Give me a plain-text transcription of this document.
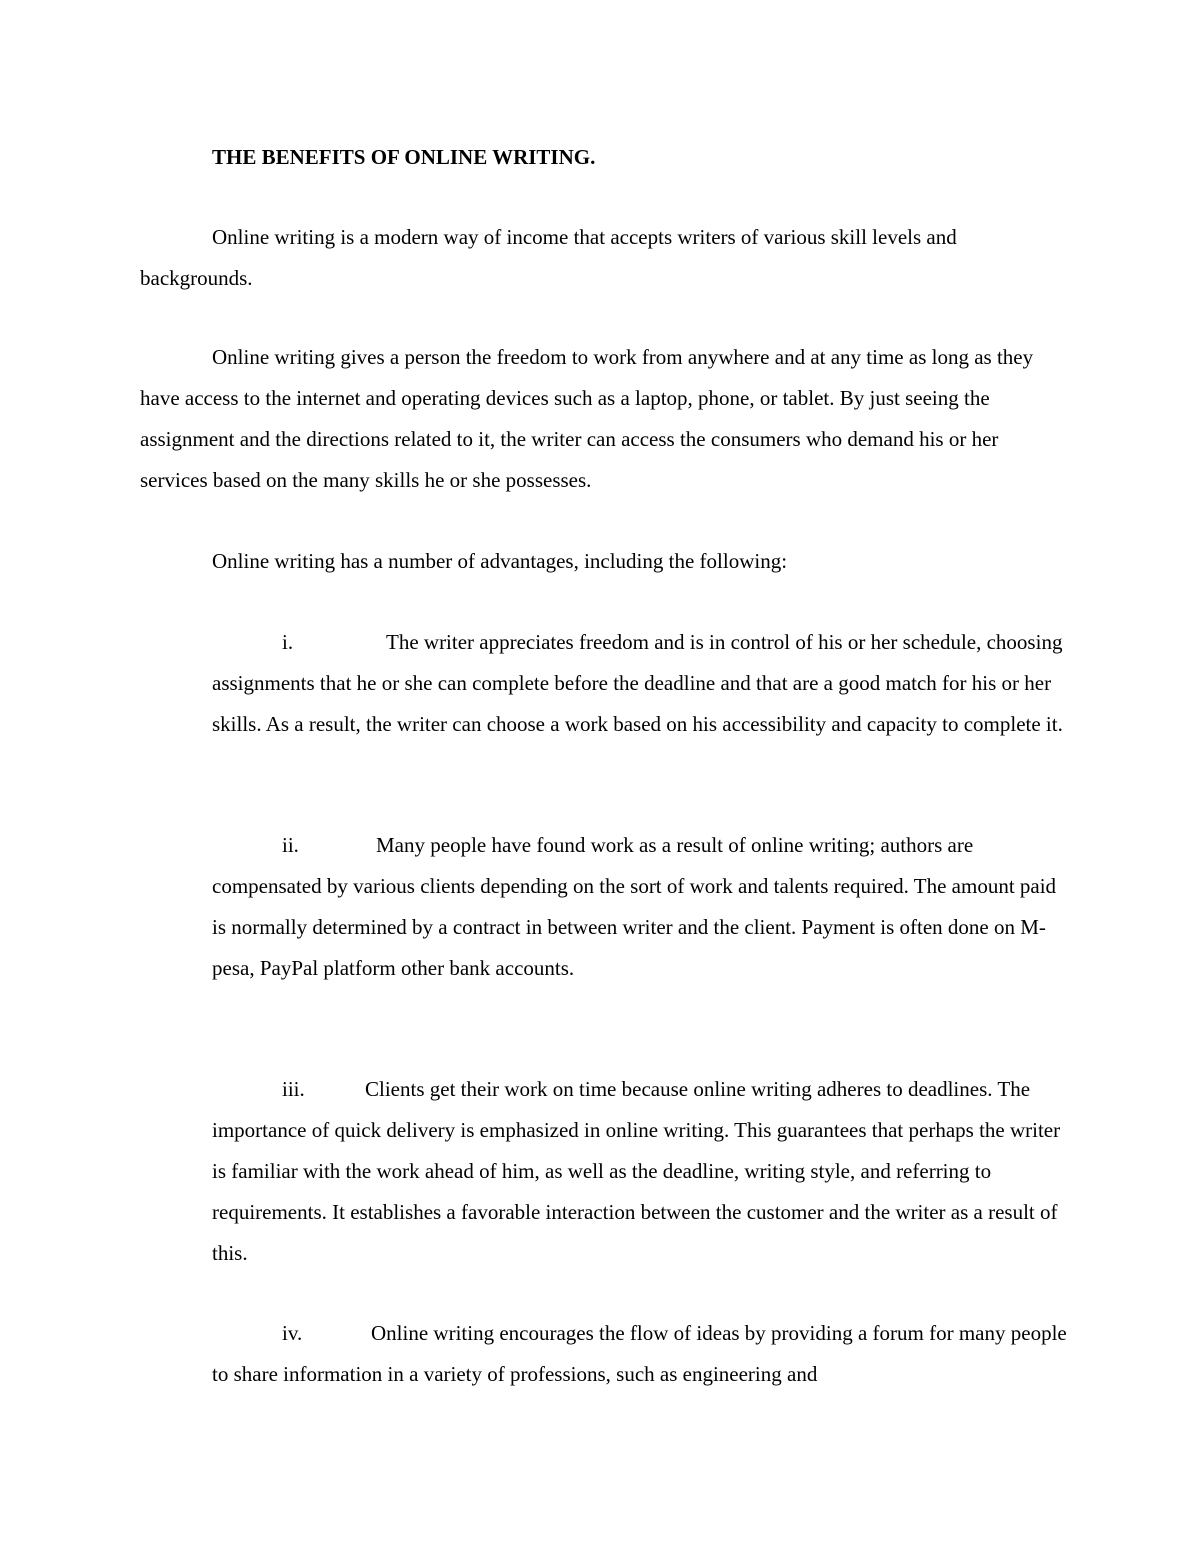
THE BENEFITS OF ONLINE WRITING.
Online writing is a modern way of income that accepts writers of various skill levels and backgrounds.
Online writing gives a person the freedom to work from anywhere and at any time as long as they have access to the internet and operating devices such as a laptop, phone, or tablet. By just seeing the assignment and the directions related to it, the writer can access the consumers who demand his or her services based on the many skills he or she possesses.
Online writing has a number of advantages, including the following:
i.	The writer appreciates freedom and is in control of his or her schedule, choosing assignments that he or she can complete before the deadline and that are a good match for his or her skills. As a result, the writer can choose a work based on his accessibility and capacity to complete it.
ii.	Many people have found work as a result of online writing; authors are compensated by various clients depending on the sort of work and talents required. The amount paid is normally determined by a contract in between writer and the client. Payment is often done on M-pesa, PayPal platform other bank accounts.
iii.	Clients get their work on time because online writing adheres to deadlines. The importance of quick delivery is emphasized in online writing. This guarantees that perhaps the writer is familiar with the work ahead of him, as well as the deadline, writing style, and referring to requirements. It establishes a favorable interaction between the customer and the writer as a result of this.
iv.	Online writing encourages the flow of ideas by providing a forum for many people to share information in a variety of professions, such as engineering and
